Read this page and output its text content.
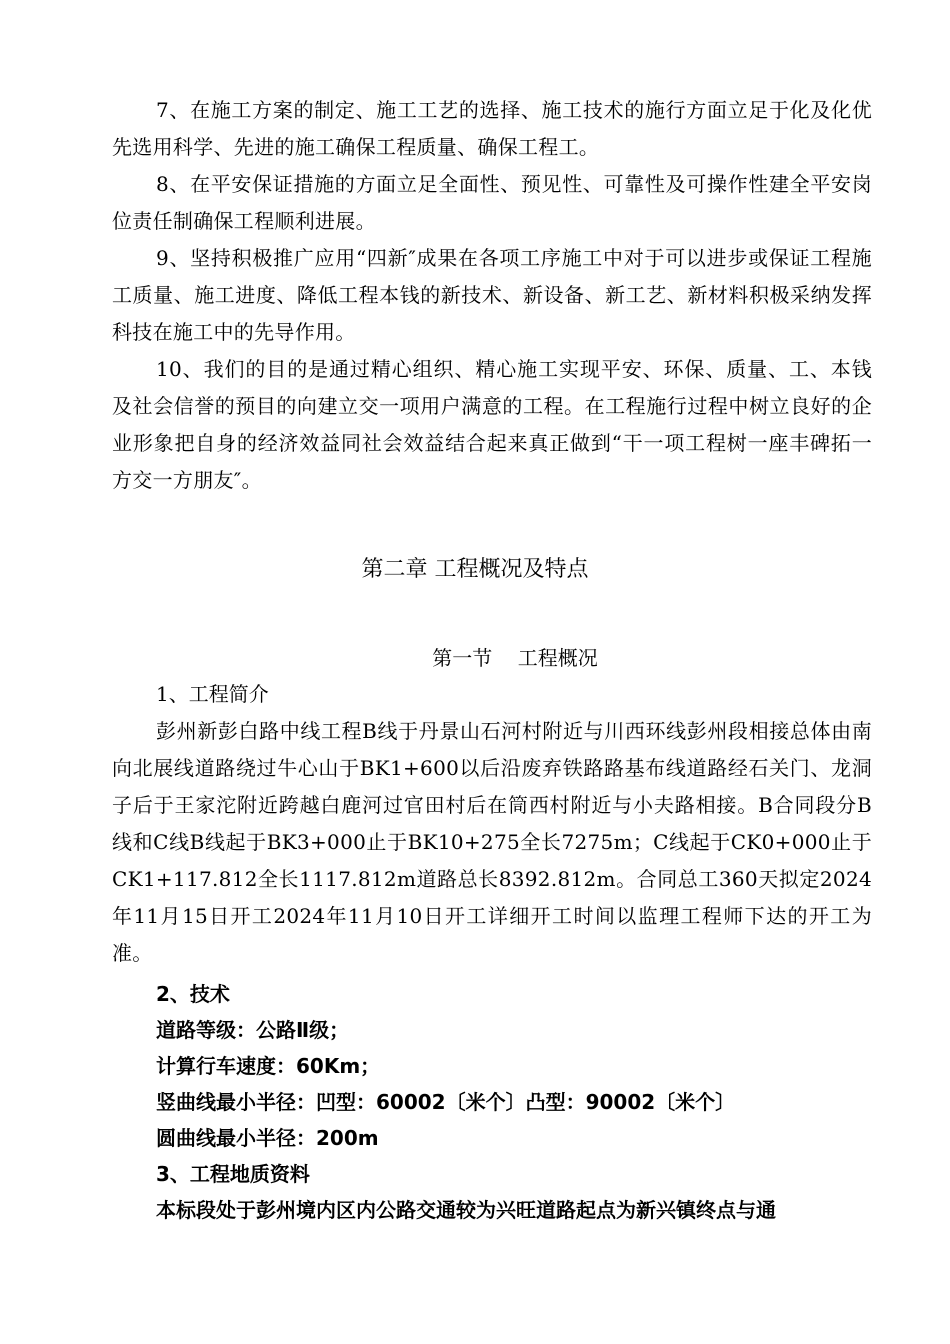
7、在施工方案的制定、施工工艺的选择、施工技术的施行方面立足于化及化优先选用科学、先进的施工确保工程质量、确保工程工。

8、在平安保证措施的方面立足全面性、预见性、可靠性及可操作性建全平安岗位责任制确保工程顺利进展。

9、坚持积极推广应用“四新″成果在各项工序施工中对于可以进步或保证工程施工质量、施工进度、降低工程本钱的新技术、新设备、新工艺、新材料积极采纳发挥科技在施工中的先导作用。

10、我们的目的是通过精心组织、精心施工实现平安、环保、质量、工、本钱及社会信誉的预目的向建立交一项用户满意的工程。在工程施行过程中树立良好的企业形象把自身的经济效益同社会效益结合起来真正做到“干一项工程树一座丰碑拓一方交一方朋友″。

第二章 工程概况及特点
第一节    工程概况

1、工程简介

彭州新彭白路中线工程B线于丹景山石河村附近与川西环线彭州段相接总体由南向北展线道路绕过牛心山于BK1+600以后沿废弃铁路路基布线道路经石关门、龙洞子后于王家沱附近跨越白鹿河过官田村后在筒西村附近与小夫路相接。B合同段分B线和C线B线起于BK3+000止于BK10+275全长7275m；C线起于CK0+000止于CK1+117.812全长1117.812m道路总长8392.812m。合同总工360天拟定2024年11月15日开工2024年11月10日开工详细开工时间以监理工程师下达的开工为准。

2、技术

道路等级：公路Ⅱ级；

计算行车速度：60Km；

竖曲线最小半径：凹型：60002〔米个〕凸型：90002〔米个〕

圆曲线最小半径：200m

3、工程地质资料

本标段处于彭州境内区内公路交通较为兴旺道路起点为新兴镇终点与通
